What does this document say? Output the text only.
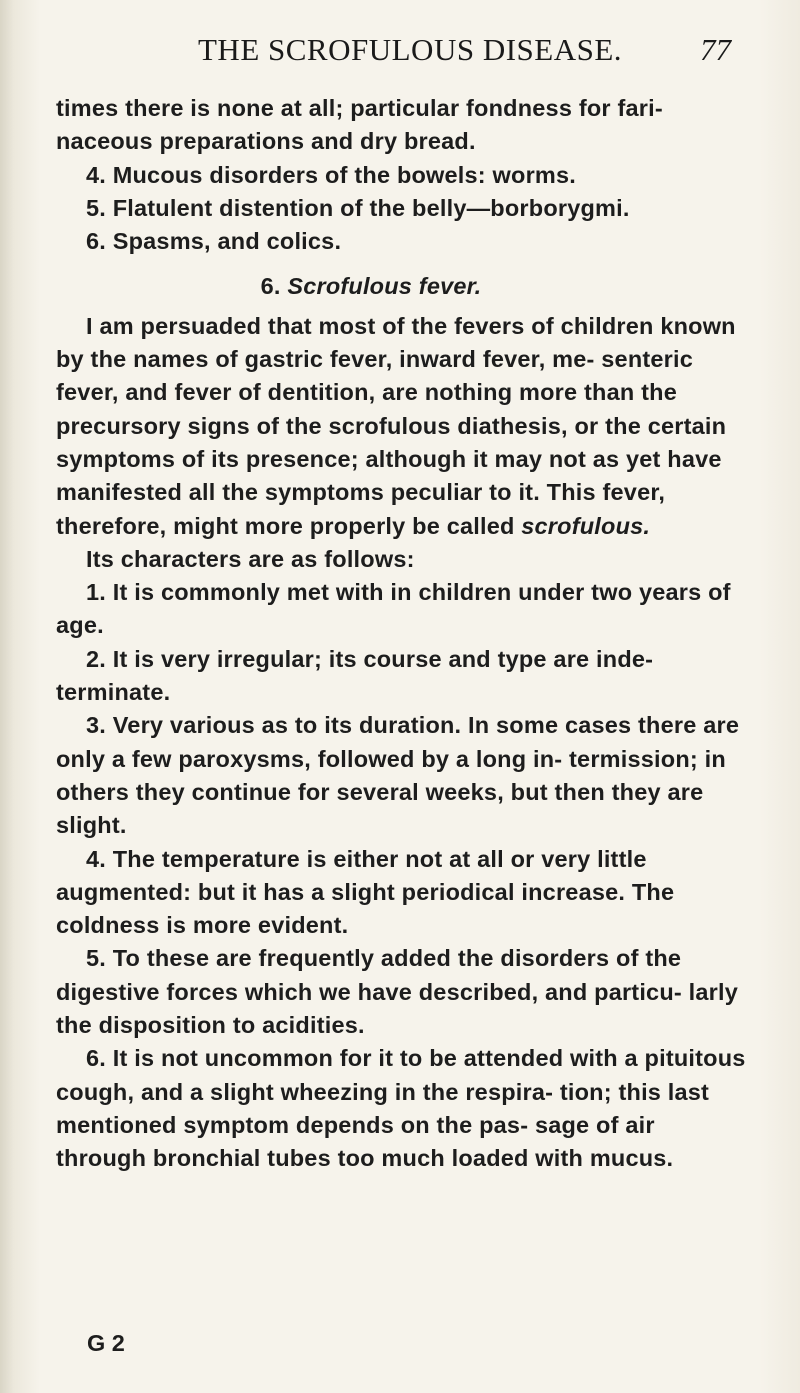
THE SCROFULOUS DISEASE.	77

times there is none at all; particular fondness for fari-

naceous preparations and dry bread.

4. Mucous disorders of the bowels: worms.

5. Flatulent distention of the belly—borborygmi.

6. Spasms, and colics.

6. Scrofulous fever.

I am persuaded that most of the fevers of children known by the names of gastric fever, inward fever, me- senteric fever, and fever of dentition, are nothing more than the precursory signs of the scrofulous diathesis, or the certain symptoms of its presence; although it may not as yet have manifested all the symptoms peculiar to it. This fever, therefore, might more properly be called scrofulous.

Its characters are as follows:

1. It is commonly met with in children under two years of age.

2. It is very irregular; its course and type are inde- terminate.

3. Very various as to its duration. In some cases there are only a few paroxysms, followed by a long in- termission; in others they continue for several weeks, but then they are slight.

4. The temperature is either not at all or very little augmented: but it has a slight periodical increase. The coldness is more evident.

5. To these are frequently added the disorders of the digestive forces which we have described, and particu- larly the disposition to acidities.

6. It is not uncommon for it to be attended with a pituitous cough, and a slight wheezing in the respira- tion; this last mentioned symptom depends on the pas- sage of air through bronchial tubes too much loaded with mucus.

G 2
